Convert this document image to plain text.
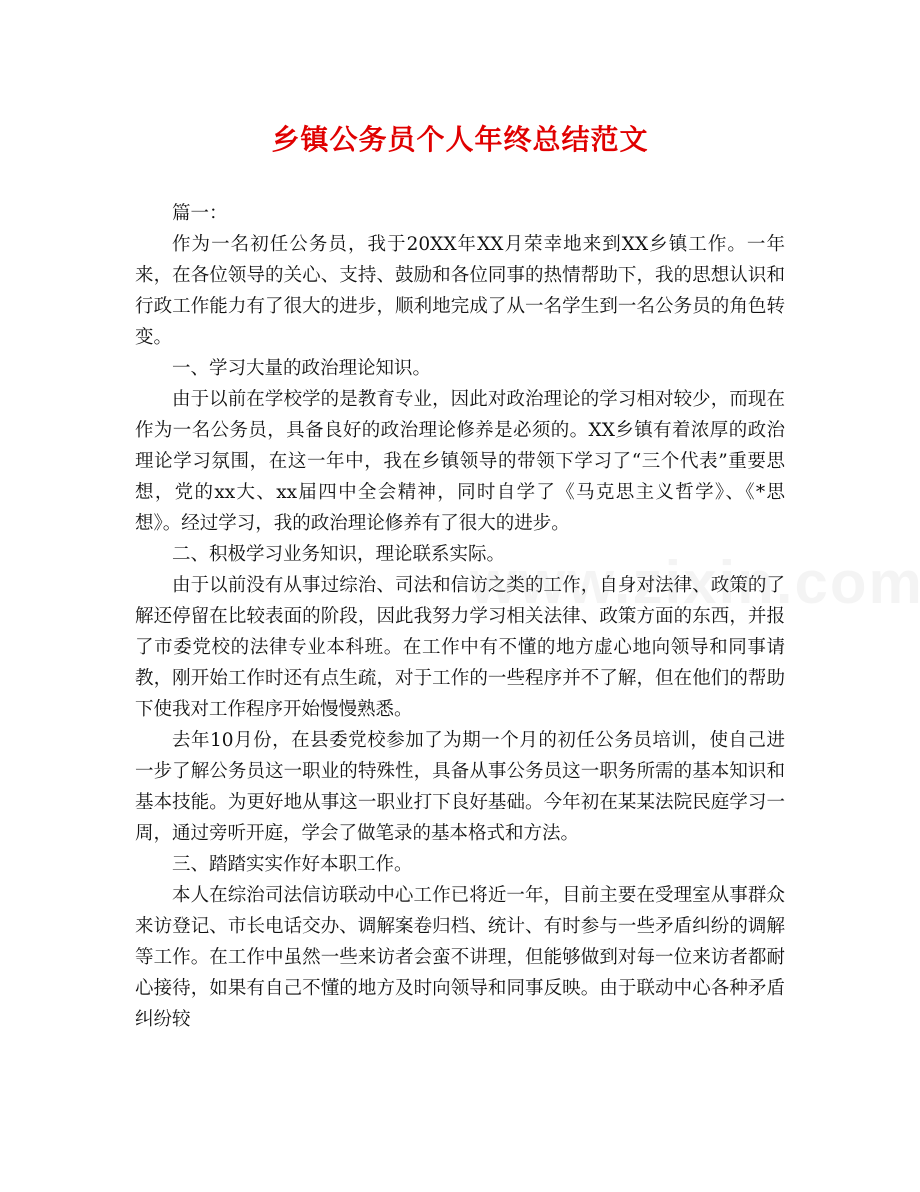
乡镇公务员个人年终总结范文

篇一：

作为一名初任公务员，我于20XX年XX月荣幸地来到XX乡镇工作。一年来，在各位领导的关心、支持、鼓励和各位同事的热情帮助下，我的思想认识和行政工作能力有了很大的进步，顺利地完成了从一名学生到一名公务员的角色转变。

一、学习大量的政治理论知识。

由于以前在学校学的是教育专业，因此对政治理论的学习相对较少，而现在作为一名公务员，具备良好的政治理论修养是必须的。XX乡镇有着浓厚的政治理论学习氛围，在这一年中，我在乡镇领导的带领下学习了“三个代表”重要思想，党的xx大、xx届四中全会精神，同时自学了《马克思主义哲学》、《*思想》。经过学习，我的政治理论修养有了很大的进步。

二、积极学习业务知识，理论联系实际。

由于以前没有从事过综治、司法和信访之类的工作，自身对法律、政策的了解还停留在比较表面的阶段，因此我努力学习相关法律、政策方面的东西，并报了市委党校的法律专业本科班。在工作中有不懂的地方虚心地向领导和同事请教，刚开始工作时还有点生疏，对于工作的一些程序并不了解，但在他们的帮助下使我对工作程序开始慢慢熟悉。

去年10月份，在县委党校参加了为期一个月的初任公务员培训，使自己进一步了解公务员这一职业的特殊性，具备从事公务员这一职务所需的基本知识和基本技能。为更好地从事这一职业打下良好基础。今年初在某某法院民庭学习一周，通过旁听开庭，学会了做笔录的基本格式和方法。

三、踏踏实实作好本职工作。

本人在综治司法信访联动中心工作已将近一年，目前主要在受理室从事群众来访登记、市长电话交办、调解案卷归档、统计、有时参与一些矛盾纠纷的调解等工作。在工作中虽然一些来访者会蛮不讲理，但能够做到对每一位来访者都耐心接待，如果有自己不懂的地方及时向领导和同事反映。由于联动中心各种矛盾纠纷较
